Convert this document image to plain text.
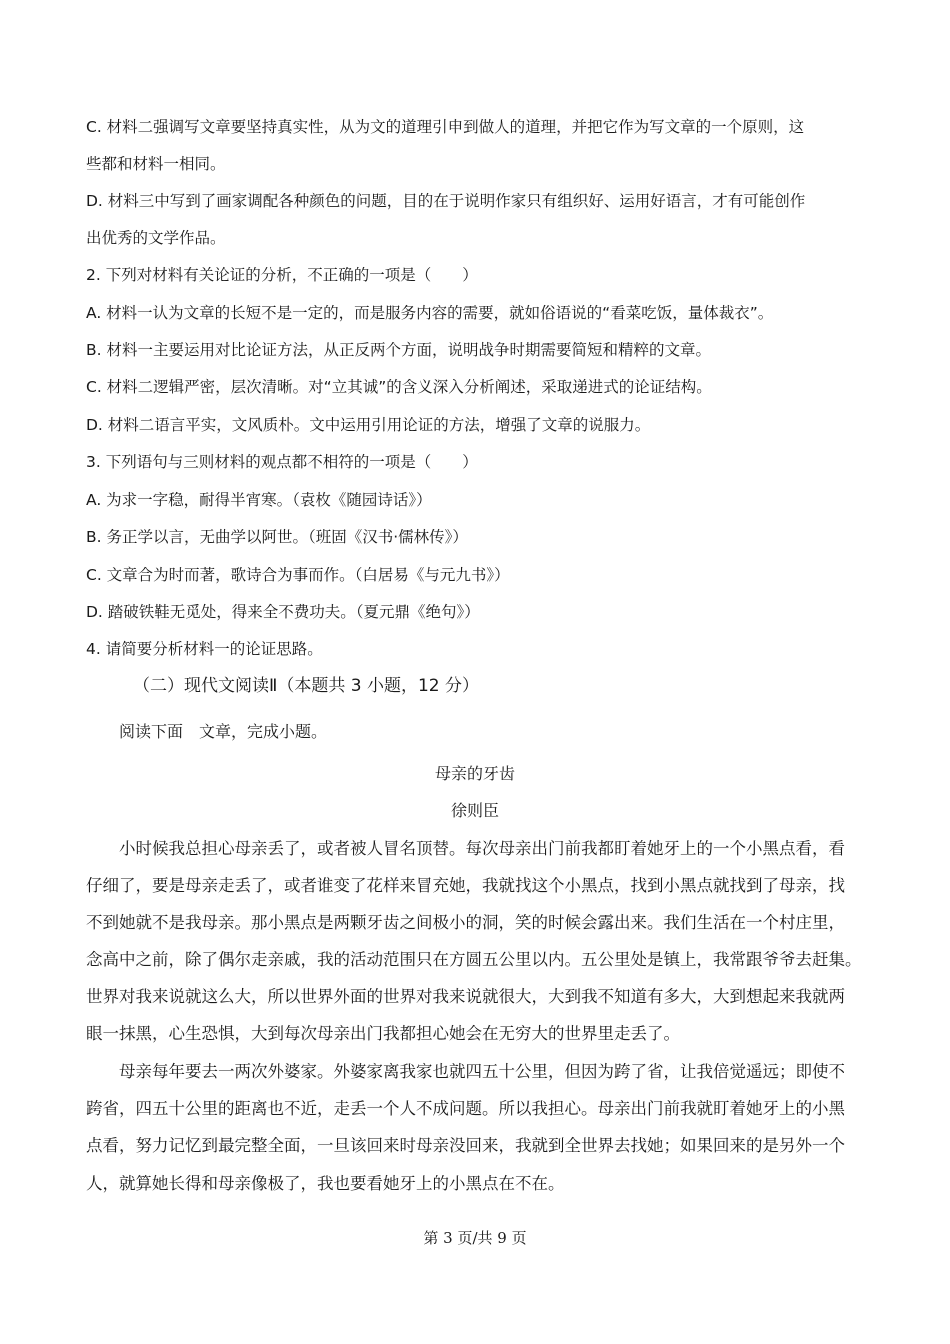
C. 材料二强调写文章要坚持真实性，从为文的道理引申到做人的道理，并把它作为写文章的一个原则，这
些都和材料一相同。
D. 材料三中写到了画家调配各种颜色的问题，目的在于说明作家只有组织好、运用好语言，才有可能创作
出优秀的文学作品。
2. 下列对材料有关论证的分析，不正确的一项是（　　）
A. 材料一认为文章的长短不是一定的，而是服务内容的需要，就如俗语说的“看菜吃饭，量体裁衣”。
B. 材料一主要运用对比论证方法，从正反两个方面，说明战争时期需要简短和精粹的文章。
C. 材料二逻辑严密，层次清晰。对“立其诚”的含义深入分析阐述，采取递进式的论证结构。
D. 材料二语言平实，文风质朴。文中运用引用论证的方法，增强了文章的说服力。
3. 下列语句与三则材料的观点都不相符的一项是（　　）
A. 为求一字稳，耐得半宵寒。（袁枚《随园诗话》）
B. 务正学以言，无曲学以阿世。（班固《汉书·儒林传》）
C. 文章合为时而著，歌诗合为事而作。（白居易《与元九书》）
D. 踏破铁鞋无觅处，得来全不费功夫。（夏元鼎《绝句》）
4. 请简要分析材料一的论证思路。
（二）现代文阅读Ⅱ（本题共 3 小题，12 分）
阅读下面　文章，完成小题。
母亲的牙齿
徐则臣
小时候我总担心母亲丢了，或者被人冒名顶替。每次母亲出门前我都盯着她牙上的一个小黑点看，看
仔细了，要是母亲走丢了，或者谁变了花样来冒充她，我就找这个小黑点，找到小黑点就找到了母亲，找
不到她就不是我母亲。那小黑点是两颗牙齿之间极小的洞，笑的时候会露出来。我们生活在一个村庄里，
念高中之前，除了偶尔走亲戚，我的活动范围只在方圆五公里以内。五公里处是镇上，我常跟爷爷去赶集。
世界对我来说就这么大，所以世界外面的世界对我来说就很大，大到我不知道有多大，大到想起来我就两
眼一抹黑，心生恐惧，大到每次母亲出门我都担心她会在无穷大的世界里走丢了。
母亲每年要去一两次外婆家。外婆家离我家也就四五十公里，但因为跨了省，让我倍觉遥远；即使不
跨省，四五十公里的距离也不近，走丢一个人不成问题。所以我担心。母亲出门前我就盯着她牙上的小黑
点看，努力记忆到最完整全面，一旦该回来时母亲没回来，我就到全世界去找她；如果回来的是另外一个
人，就算她长得和母亲像极了，我也要看她牙上的小黑点在不在。
第 3 页/共 9 页
